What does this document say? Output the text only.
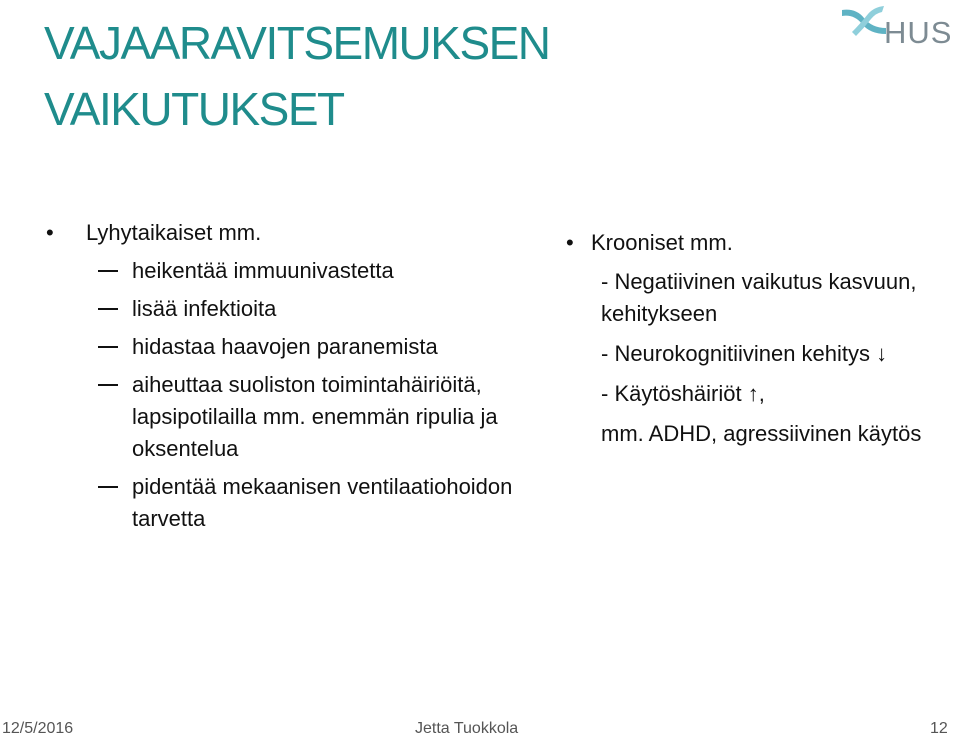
VAJAARAVITSEMUKSEN
VAIKUTUKSET
HUS
•	Lyhytaikaiset mm.
heikentää immuunivastetta
lisää infektioita
hidastaa haavojen paranemista
aiheuttaa suoliston toimintahäiriöitä, lapsipotilailla mm. enemmän ripulia ja oksentelua
pidentää mekaanisen ventilaatiohoidon tarvetta
• Krooniset mm.
- Negatiivinen vaikutus kasvuun, kehitykseen
- Neurokognitiivinen kehitys ↓
- Käytöshäiriöt ↑,
mm. ADHD, agressiivinen käytös
12/5/2016	Jetta Tuokkola	12
